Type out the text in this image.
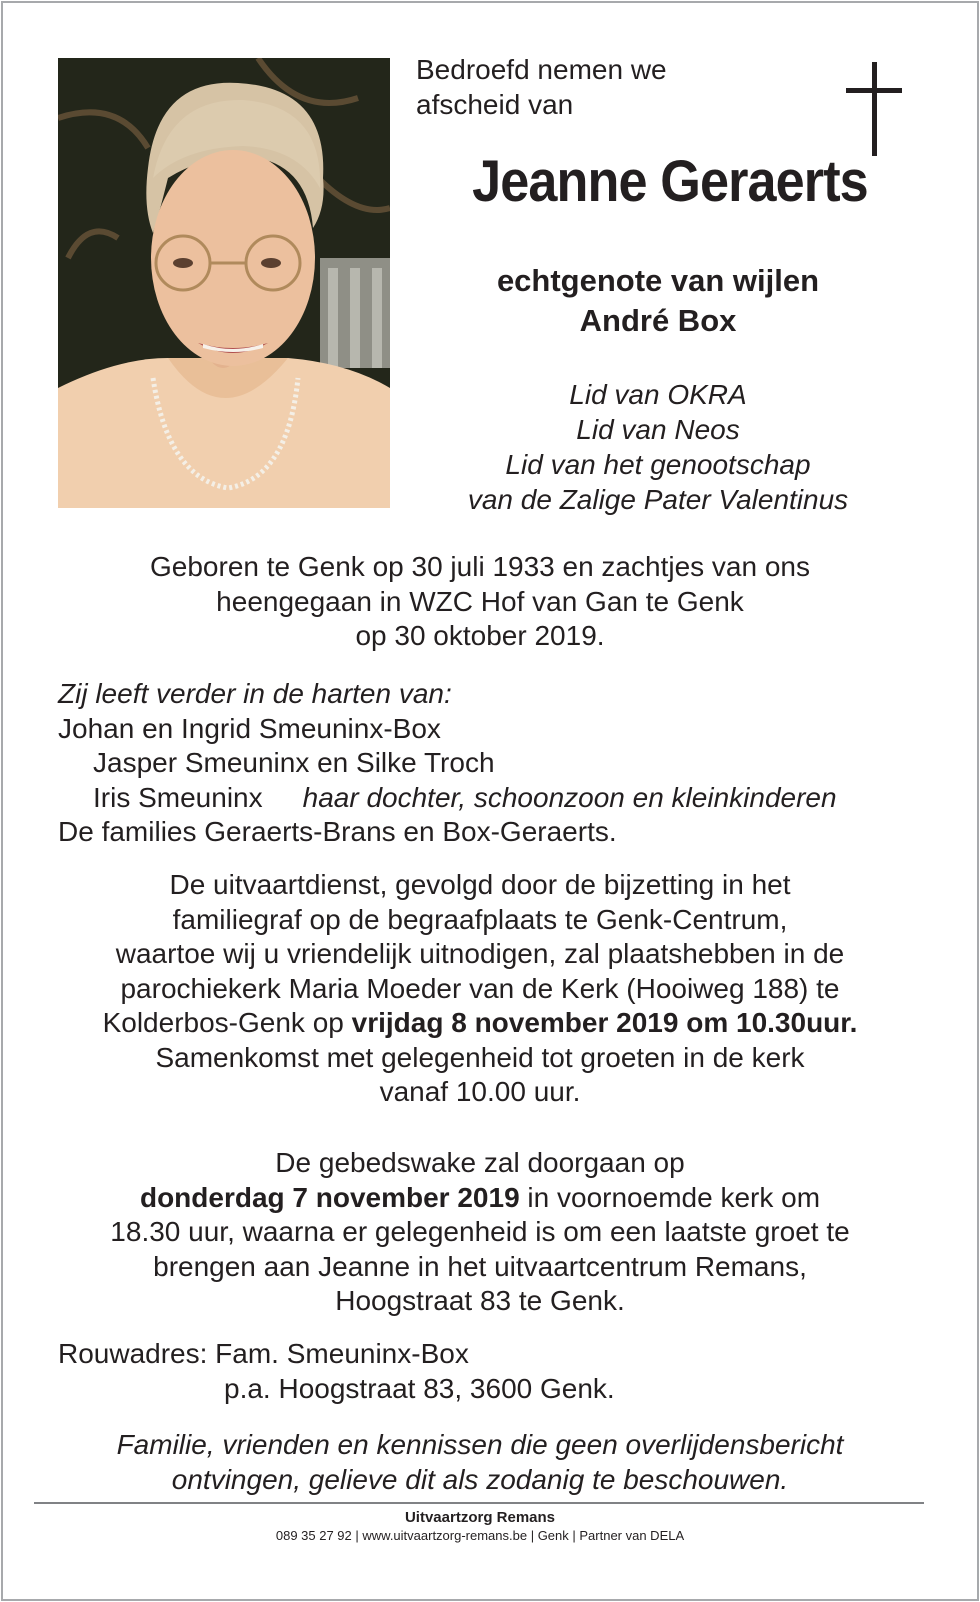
Bedroefd nemen we
afscheid van
Jeanne Geraerts
echtgenote van wijlen
André Box
Lid van OKRA
Lid van Neos
Lid van het genootschap
van de Zalige Pater Valentinus
Geboren te Genk op 30 juli 1933 en zachtjes van ons
heengegaan in WZC Hof van Gan te Genk
op 30 oktober 2019.
Zij leeft verder in de harten van:
Johan en Ingrid Smeuninx-Box
Jasper Smeuninx en Silke Troch
Iris Smeuninx haar dochter, schoonzoon en kleinkinderen
De families Geraerts-Brans en Box-Geraerts.
De uitvaartdienst, gevolgd door de bijzetting in het
familiegraf op de begraafplaats te Genk-Centrum,
waartoe wij u vriendelijk uitnodigen, zal plaatshebben in de
parochiekerk Maria Moeder van de Kerk (Hooiweg 188) te
Kolderbos-Genk op vrijdag 8 november 2019 om 10.30uur.
Samenkomst met gelegenheid tot groeten in de kerk
vanaf 10.00 uur.
De gebedswake zal doorgaan op
donderdag 7 november 2019 in voornoemde kerk om
18.30 uur, waarna er gelegenheid is om een laatste groet te
brengen aan Jeanne in het uitvaartcentrum Remans,
Hoogstraat 83 te Genk.
Rouwadres: Fam. Smeuninx-Box
p.a. Hoogstraat 83, 3600 Genk.
Familie, vrienden en kennissen die geen overlijdensbericht
ontvingen, gelieve dit als zodanig te beschouwen.
Uitvaartzorg Remans
089 35 27 92 | www.uitvaartzorg-remans.be | Genk | Partner van DELA
